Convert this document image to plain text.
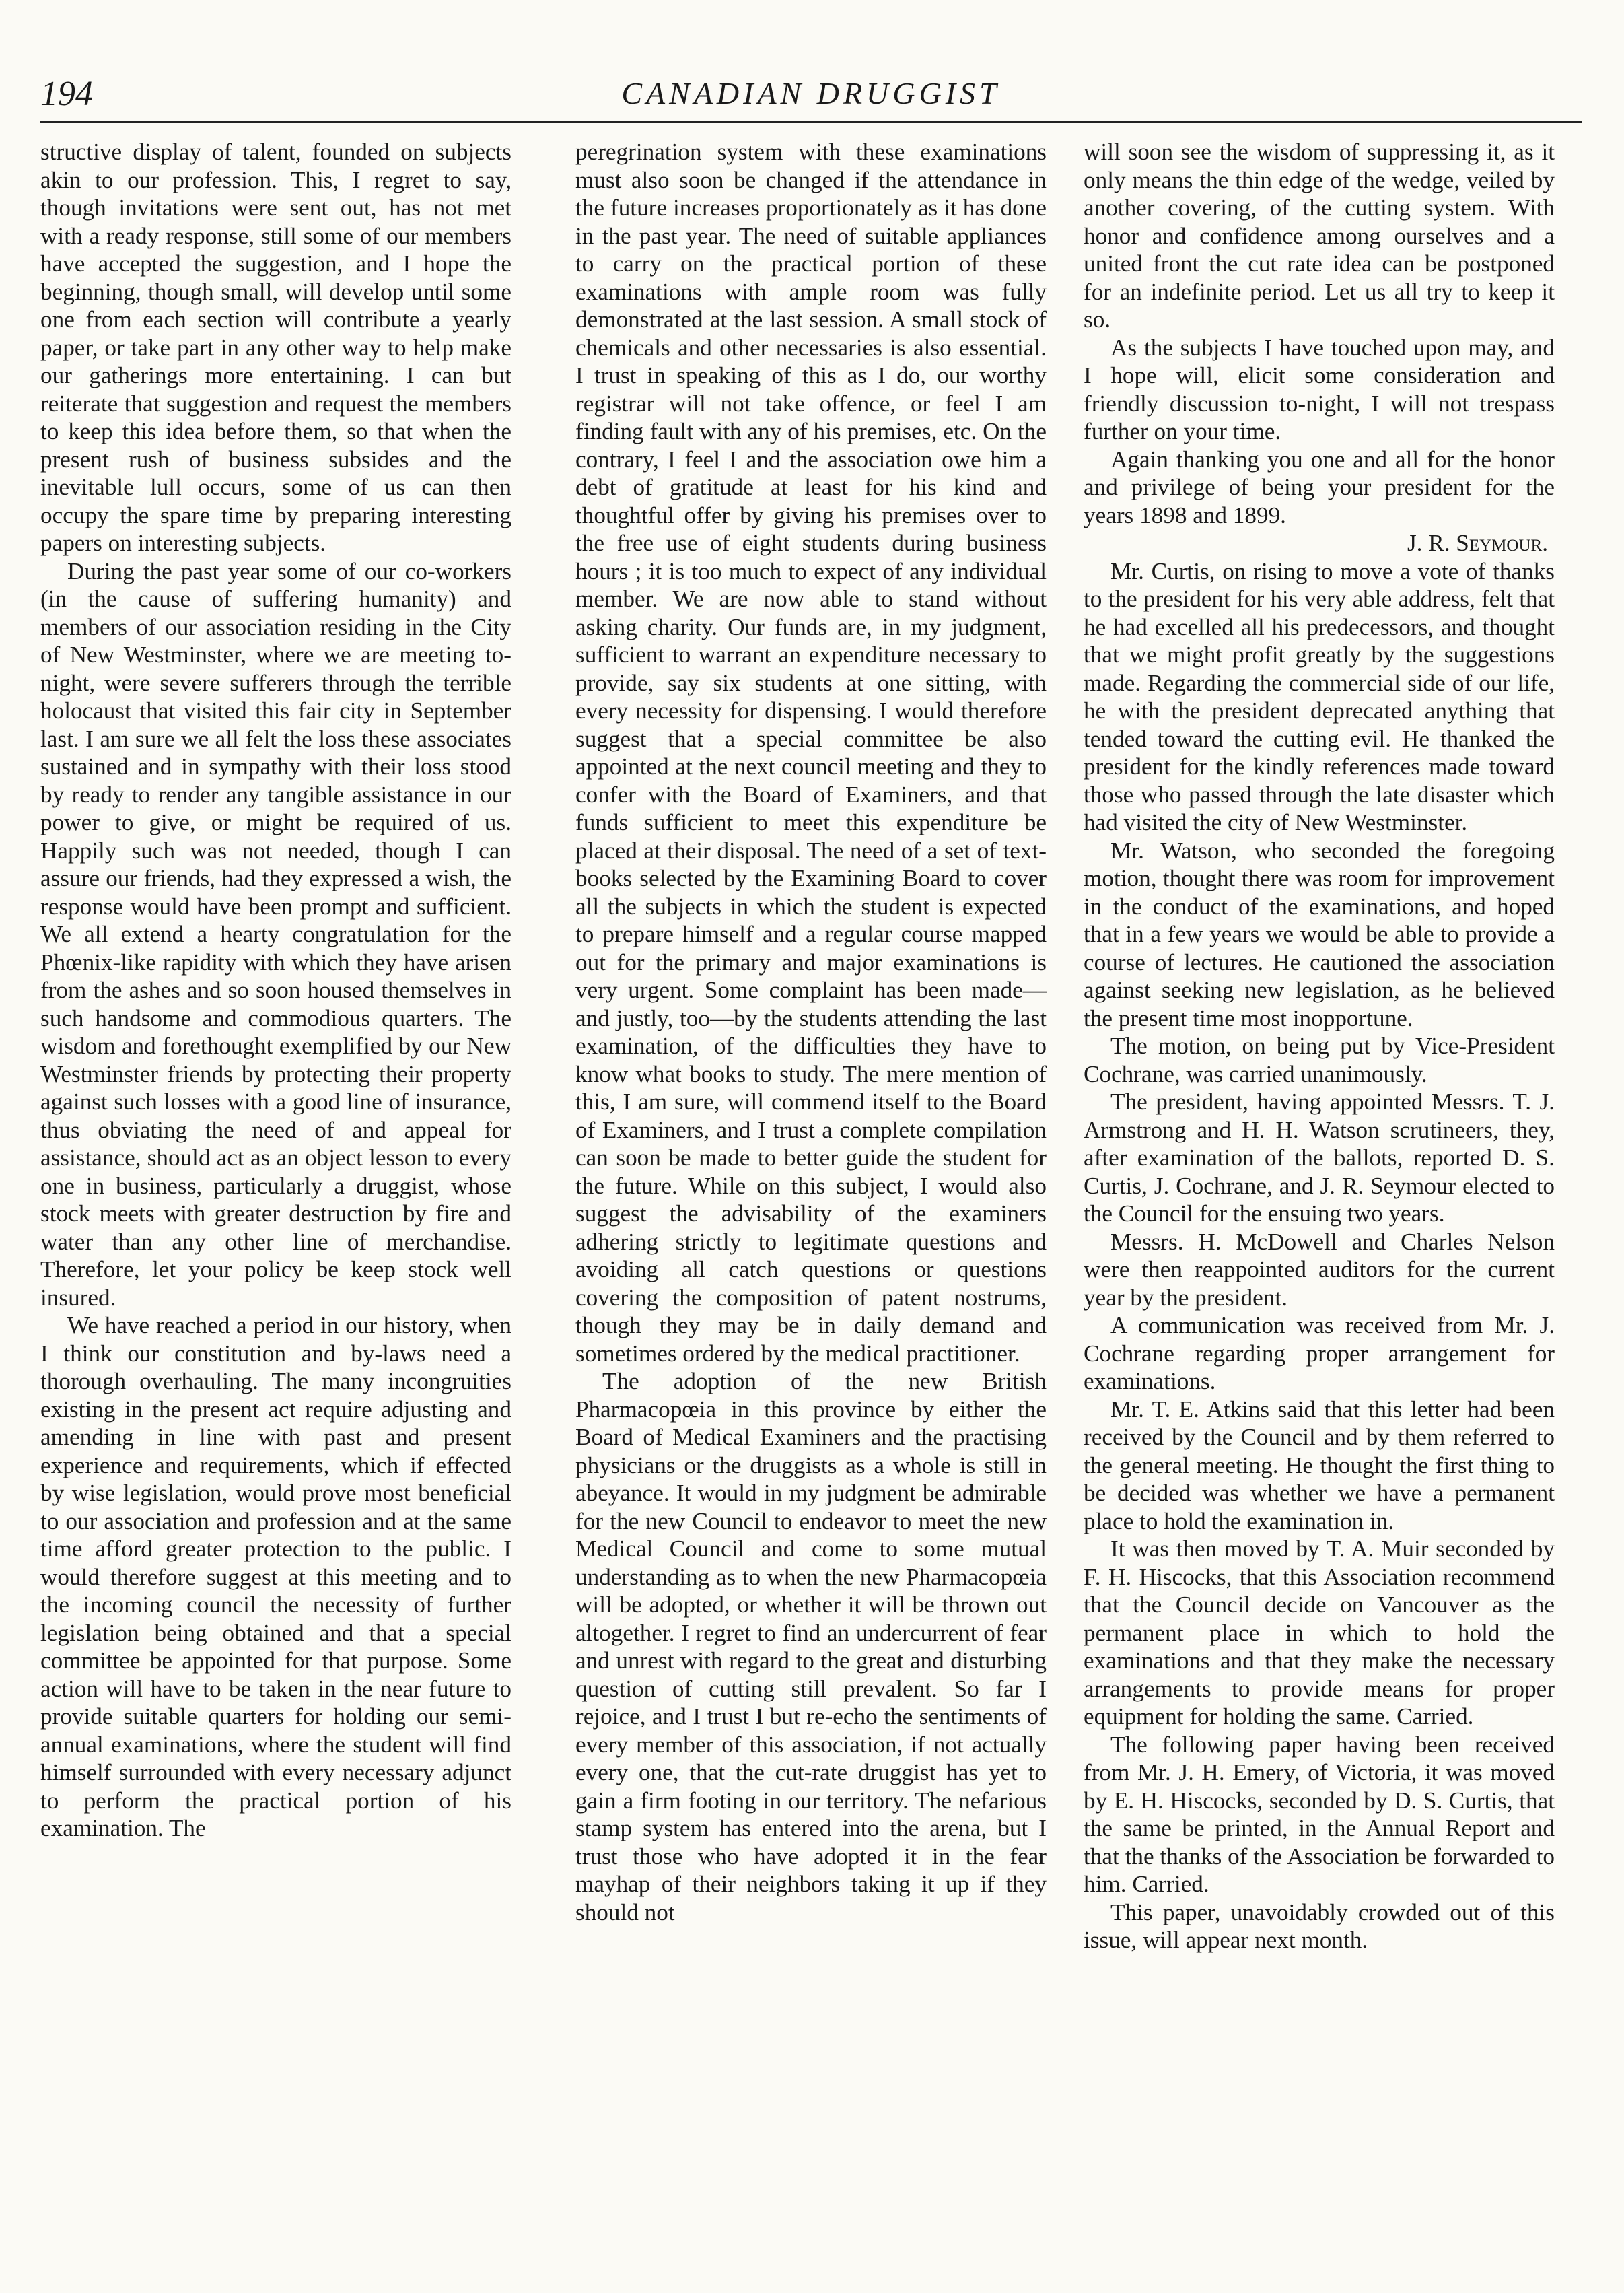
194	CANADIAN DRUGGIST

structive display of talent, founded on subjects akin to our profession. This, I regret to say, though invitations were sent out, has not met with a ready response, still some of our members have accepted the suggestion, and I hope the beginning, though small, will develop until some one from each section will contribute a yearly paper, or take part in any other way to help make our gatherings more entertaining. I can but reiterate that suggestion and request the members to keep this idea before them, so that when the present rush of business subsides and the inevitable lull occurs, some of us can then occupy the spare time by preparing interesting papers on interesting subjects.

During the past year some of our co-workers (in the cause of suffering humanity) and members of our association residing in the City of New Westminster, where we are meeting to-night, were severe sufferers through the terrible holocaust that visited this fair city in September last. I am sure we all felt the loss these associates sustained and in sympathy with their loss stood by ready to render any tangible assistance in our power to give, or might be required of us. Happily such was not needed, though I can assure our friends, had they expressed a wish, the response would have been prompt and sufficient. We all extend a hearty congratulation for the Phœnix-like rapidity with which they have arisen from the ashes and so soon housed themselves in such handsome and commodious quarters. The wisdom and forethought exemplified by our New Westminster friends by protecting their property against such losses with a good line of insurance, thus obviating the need of and appeal for assistance, should act as an object lesson to every one in business, particularly a druggist, whose stock meets with greater destruction by fire and water than any other line of merchandise. Therefore, let your policy be keep stock well insured.

We have reached a period in our history, when I think our constitution and by-laws need a thorough overhauling. The many incongruities existing in the present act require adjusting and amending in line with past and present experience and requirements, which if effected by wise legislation, would prove most beneficial to our association and profession and at the same time afford greater protection to the public. I would therefore suggest at this meeting and to the incoming council the necessity of further legislation being obtained and that a special committee be appointed for that purpose. Some action will have to be taken in the near future to provide suitable quarters for holding our semi-annual examinations, where the student will find himself surrounded with every necessary adjunct to perform the practical portion of his examination. The

peregrination system with these examinations must also soon be changed if the attendance in the future increases proportionately as it has done in the past year. The need of suitable appliances to carry on the practical portion of these examinations with ample room was fully demonstrated at the last session. A small stock of chemicals and other necessaries is also essential. I trust in speaking of this as I do, our worthy registrar will not take offence, or feel I am finding fault with any of his premises, etc. On the contrary, I feel I and the association owe him a debt of gratitude at least for his kind and thoughtful offer by giving his premises over to the free use of eight students during business hours ; it is too much to expect of any individual member. We are now able to stand without asking charity. Our funds are, in my judgment, sufficient to warrant an expenditure necessary to provide, say six students at one sitting, with every necessity for dispensing. I would therefore suggest that a special committee be also appointed at the next council meeting and they to confer with the Board of Examiners, and that funds sufficient to meet this expenditure be placed at their disposal. The need of a set of text-books selected by the Examining Board to cover all the subjects in which the student is expected to prepare himself and a regular course mapped out for the primary and major examinations is very urgent. Some complaint has been made—and justly, too—by the students attending the last examination, of the difficulties they have to know what books to study. The mere mention of this, I am sure, will commend itself to the Board of Examiners, and I trust a complete compilation can soon be made to better guide the student for the future. While on this subject, I would also suggest the advisability of the examiners adhering strictly to legitimate questions and avoiding all catch questions or questions covering the composition of patent nostrums, though they may be in daily demand and sometimes ordered by the medical practitioner.

The adoption of the new British Pharmacopœia in this province by either the Board of Medical Examiners and the practising physicians or the druggists as a whole is still in abeyance. It would in my judgment be admirable for the new Council to endeavor to meet the new Medical Council and come to some mutual understanding as to when the new Pharmacopœia will be adopted, or whether it will be thrown out altogether. I regret to find an undercurrent of fear and unrest with regard to the great and disturbing question of cutting still prevalent. So far I rejoice, and I trust I but re-echo the sentiments of every member of this association, if not actually every one, that the cut-rate druggist has yet to gain a firm footing in our territory. The nefarious stamp system has entered into the arena, but I trust those who have adopted it in the fear mayhap of their neighbors taking it up if they should not

will soon see the wisdom of suppressing it, as it only means the thin edge of the wedge, veiled by another covering, of the cutting system. With honor and confidence among ourselves and a united front the cut rate idea can be postponed for an indefinite period. Let us all try to keep it so.

As the subjects I have touched upon may, and I hope will, elicit some consideration and friendly discussion to-night, I will not trespass further on your time.

Again thanking you one and all for the honor and privilege of being your president for the years 1898 and 1899.

J. R. Seymour.

Mr. Curtis, on rising to move a vote of thanks to the president for his very able address, felt that he had excelled all his predecessors, and thought that we might profit greatly by the suggestions made. Regarding the commercial side of our life, he with the president deprecated anything that tended toward the cutting evil. He thanked the president for the kindly references made toward those who passed through the late disaster which had visited the city of New Westminster.

Mr. Watson, who seconded the foregoing motion, thought there was room for improvement in the conduct of the examinations, and hoped that in a few years we would be able to provide a course of lectures. He cautioned the association against seeking new legislation, as he believed the present time most inopportune.

The motion, on being put by Vice-President Cochrane, was carried unanimously.

The president, having appointed Messrs. T. J. Armstrong and H. H. Watson scrutineers, they, after examination of the ballots, reported D. S. Curtis, J. Cochrane, and J. R. Seymour elected to the Council for the ensuing two years.

Messrs. H. McDowell and Charles Nelson were then reappointed auditors for the current year by the president.

A communication was received from Mr. J. Cochrane regarding proper arrangement for examinations.

Mr. T. E. Atkins said that this letter had been received by the Council and by them referred to the general meeting. He thought the first thing to be decided was whether we have a permanent place to hold the examination in.

It was then moved by T. A. Muir seconded by F. H. Hiscocks, that this Association recommend that the Council decide on Vancouver as the permanent place in which to hold the examinations and that they make the necessary arrangements to provide means for proper equipment for holding the same. Carried.

The following paper having been received from Mr. J. H. Emery, of Victoria, it was moved by E. H. Hiscocks, seconded by D. S. Curtis, that the same be printed, in the Annual Report and that the thanks of the Association be forwarded to him. Carried.

This paper, unavoidably crowded out of this issue, will appear next month.
